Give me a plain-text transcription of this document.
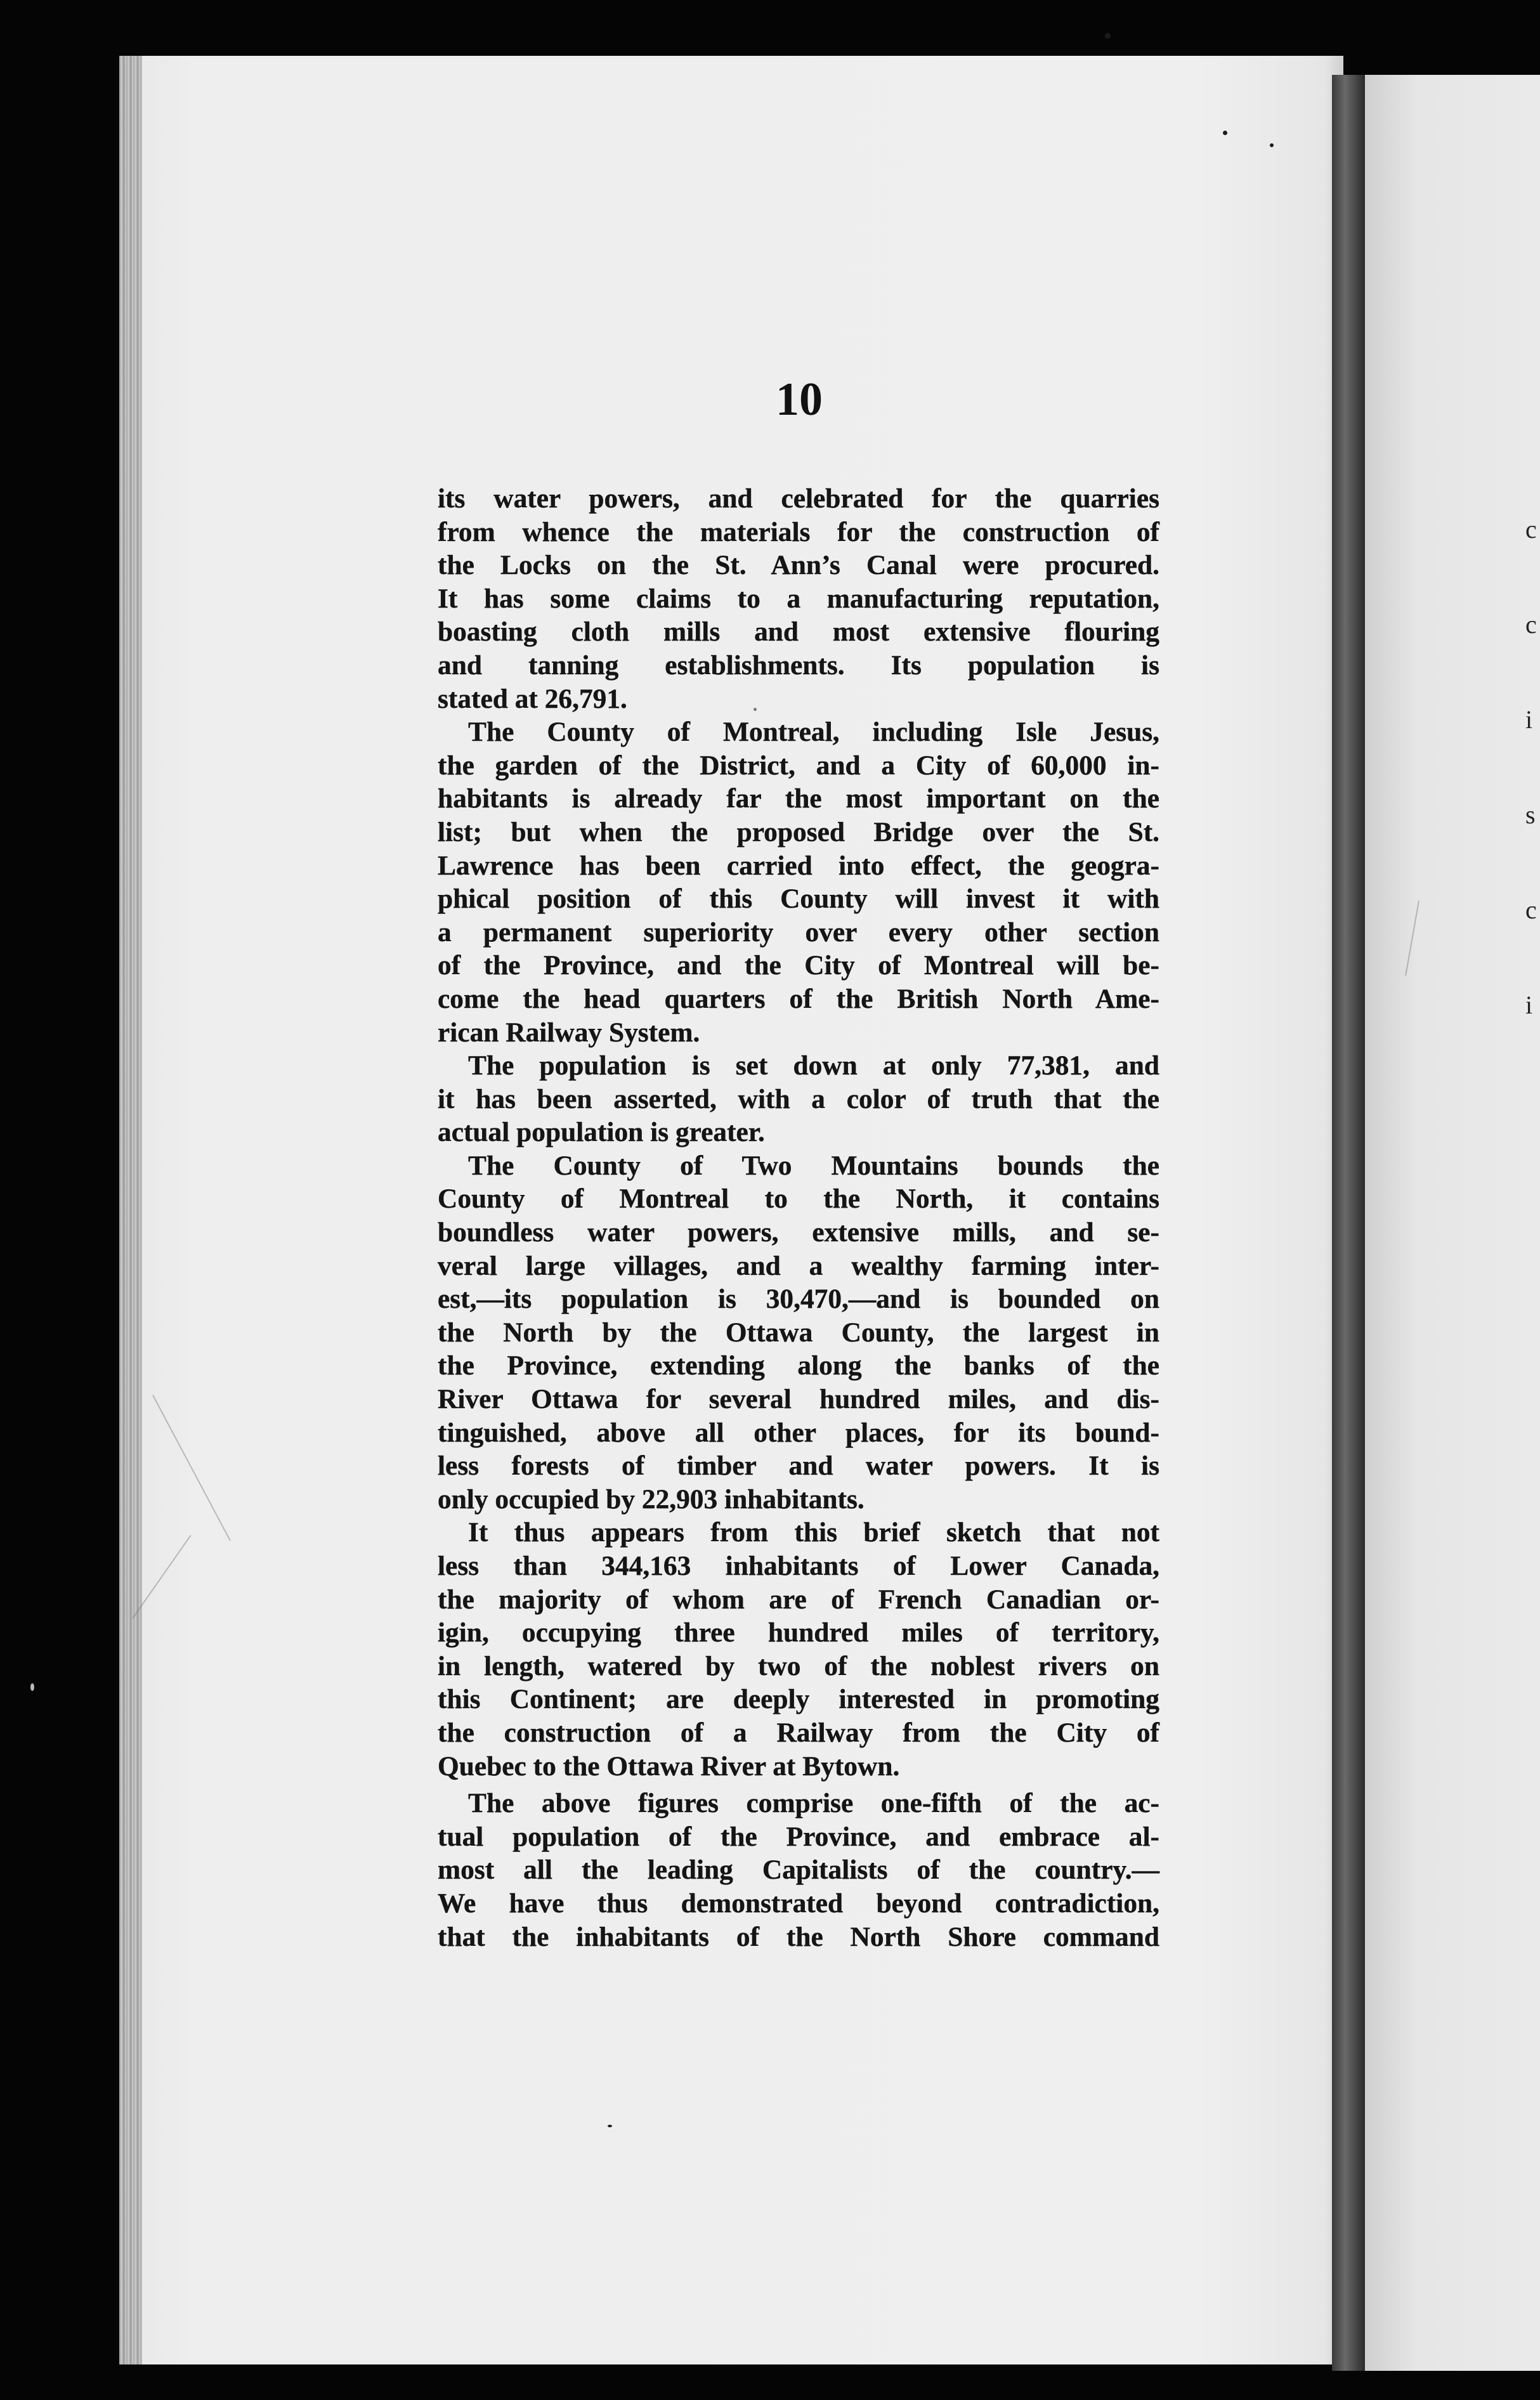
c
c
i
s
c
i
10
its water powers, and celebrated for the quarries
from whence the materials for the construction of
the Locks on the St. Ann’s Canal were procured.
It has some claims to a manufacturing reputation,
boasting cloth mills and most extensive flouring
and tanning establishments. Its population is
stated at 26,791.
The County of Montreal, including Isle Jesus,
the garden of the District, and a City of 60,000 in-
habitants is already far the most important on the
list; but when the proposed Bridge over the St.
Lawrence has been carried into effect, the geogra-
phical position of this County will invest it with
a permanent superiority over every other section
of the Province, and the City of Montreal will be-
come the head quarters of the British North Ame-
rican Railway System.
The population is set down at only 77,381, and
it has been asserted, with a color of truth that the
actual population is greater.
The County of Two Mountains bounds the
County of Montreal to the North, it contains
boundless water powers, extensive mills, and se-
veral large villages, and a wealthy farming inter-
est,—its population is 30,470,—and is bounded on
the North by the Ottawa County, the largest in
the Province, extending along the banks of the
River Ottawa for several hundred miles, and dis-
tinguished, above all other places, for its bound-
less forests of timber and water powers. It is
only occupied by 22,903 inhabitants.
It thus appears from this brief sketch that not
less than 344,163 inhabitants of Lower Canada,
the majority of whom are of French Canadian or-
igin, occupying three hundred miles of territory,
in length, watered by two of the noblest rivers on
this Continent; are deeply interested in promoting
the construction of a Railway from the City of
Quebec to the Ottawa River at Bytown.
The above figures comprise one-fifth of the ac-
tual population of the Province, and embrace al-
most all the leading Capitalists of the country.—
We have thus demonstrated beyond contradiction,
that the inhabitants of the North Shore command
